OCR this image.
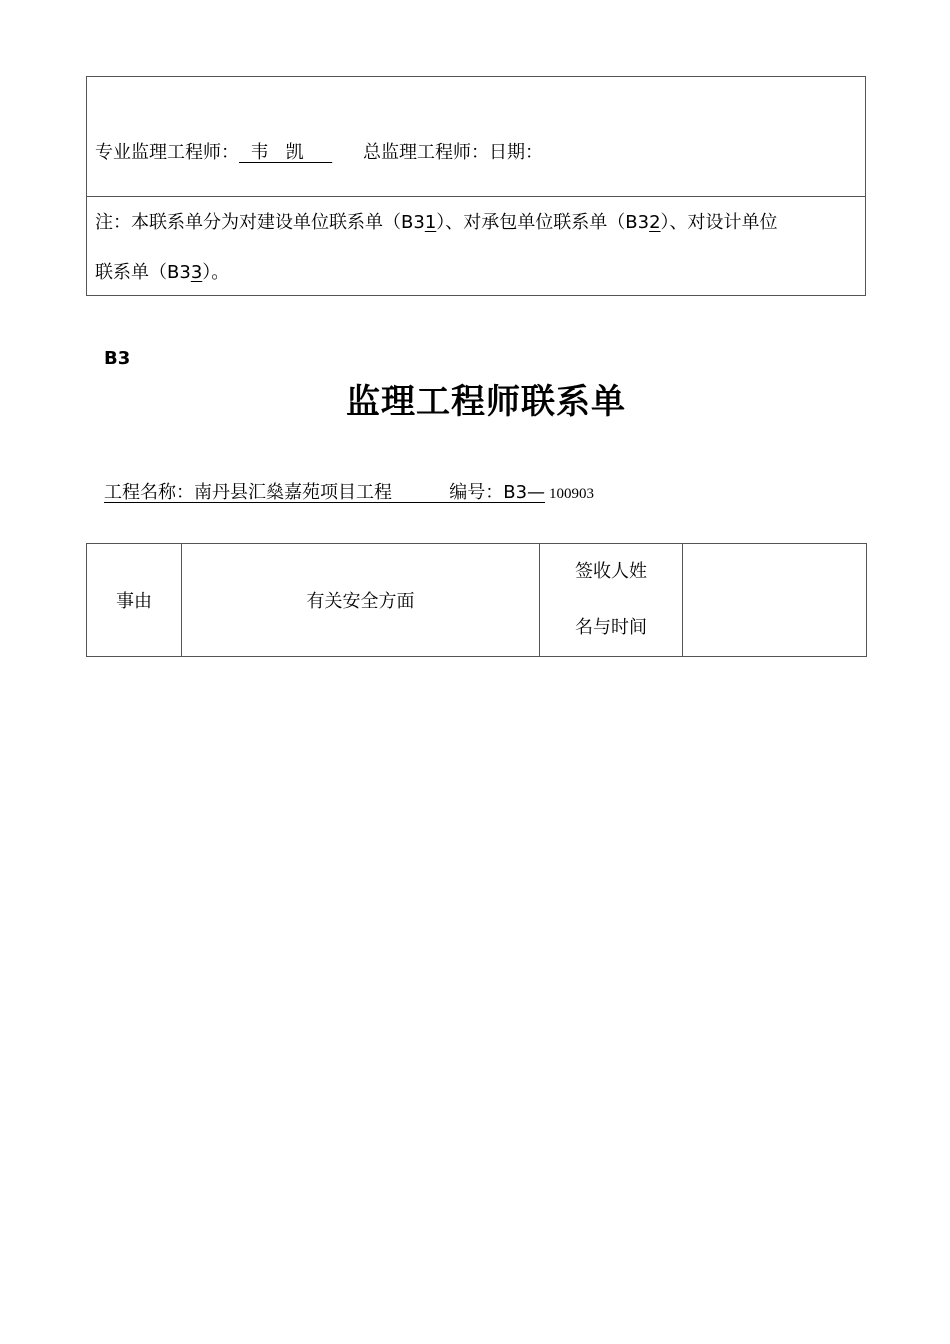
专业监理工程师：  韦   凯     总监理工程师：日期：
注：本联系单分为对建设单位联系单（B31）、对承包单位联系单（B32）、对设计单位
联系单（B33）。
B3
监理工程师联系单
工程名称：南丹县汇燊嘉苑项目工程          编号：B3— 100903
事由	有关安全方面	签收人姓
名与时间	
